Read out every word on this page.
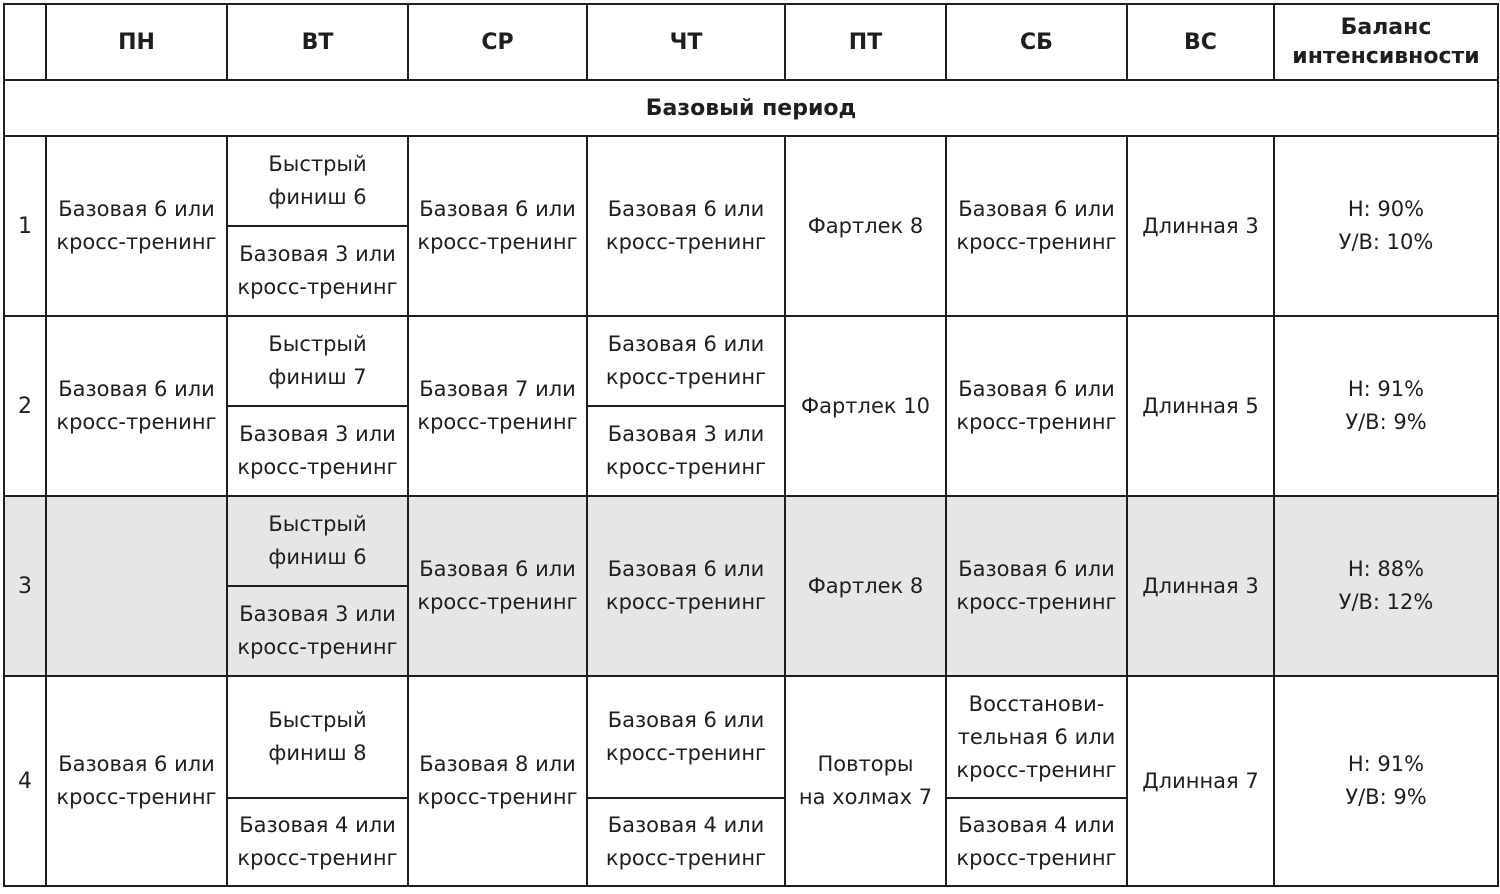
	ПН	ВТ	СР	ЧТ	ПТ	СБ	ВС	Баланс
интенсивности
Базовый период								
1	Базовая 6 или
кросс-тренинг	Быстрый
финиш 6	Базовая 6 или
кросс-тренинг	Базовая 6 или
кросс-тренинг	Фартлек 8	Базовая 6 или
кросс-тренинг	Длинная 3	Н: 90%
У/В: 10%
		Базовая 3 или
кросс-тренинг						
2	Базовая 6 или
кросс-тренинг	Быстрый
финиш 7	Базовая 7 или
кросс-тренинг	Базовая 6 или
кросс-тренинг	Фартлек 10	Базовая 6 или
кросс-тренинг	Длинная 5	Н: 91%
У/В: 9%
		Базовая 3 или
кросс-тренинг		Базовая 3 или
кросс-тренинг				
3		Быстрый
финиш 6	Базовая 6 или
кросс-тренинг	Базовая 6 или
кросс-тренинг	Фартлек 8	Базовая 6 или
кросс-тренинг	Длинная 3	Н: 88%
У/В: 12%
		Базовая 3 или
кросс-тренинг						
4	Базовая 6 или
кросс-тренинг	Быстрый
финиш 8	Базовая 8 или
кросс-тренинг	Базовая 6 или
кросс-тренинг	Повторы
на холмах 7	Восстанови-
тельная 6 или
кросс-тренинг	Длинная 7	Н: 91%
У/В: 9%
		Базовая 4 или
кросс-тренинг		Базовая 4 или
кросс-тренинг		Базовая 4 или
кросс-тренинг		
